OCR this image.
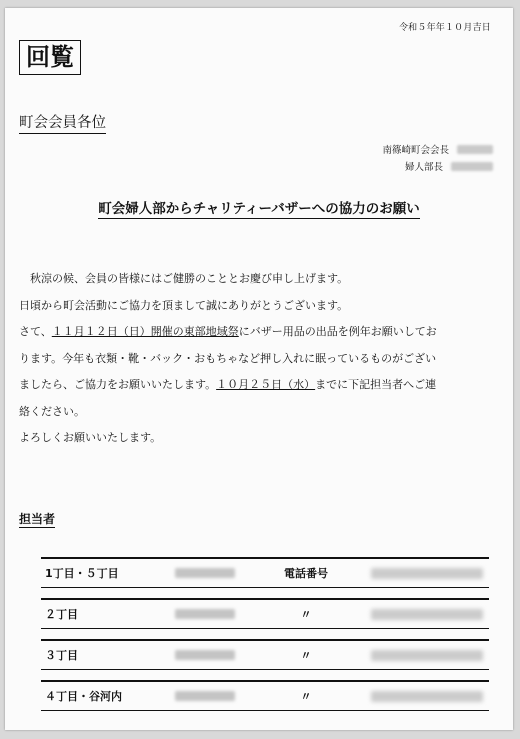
令和５年年１０月吉日
回覧
町会会員各位
南篠崎町会会長
婦人部長
町会婦人部からチャリティーバザーへの協力のお願い

　秋涼の候、会員の皆様にはご健勝のこととお慶び申し上げます。

日頃から町会活動にご協力を頂まして誠にありがとうございます。

さて、１１月１２日（日）開催の東部地域祭にバザー用品の出品を例年お願いしてお

ります。今年も衣類・靴・バック・おもちゃなど押し入れに眠っているものがござい

ましたら、ご協力をお願いいたします。１０月２５日（水）までに下記担当者へご連

絡ください。

よろしくお願いいたします。

担当者
1丁目・５丁目	電話番号
２丁目	〃
３丁目	〃
４丁目・谷河内	〃
